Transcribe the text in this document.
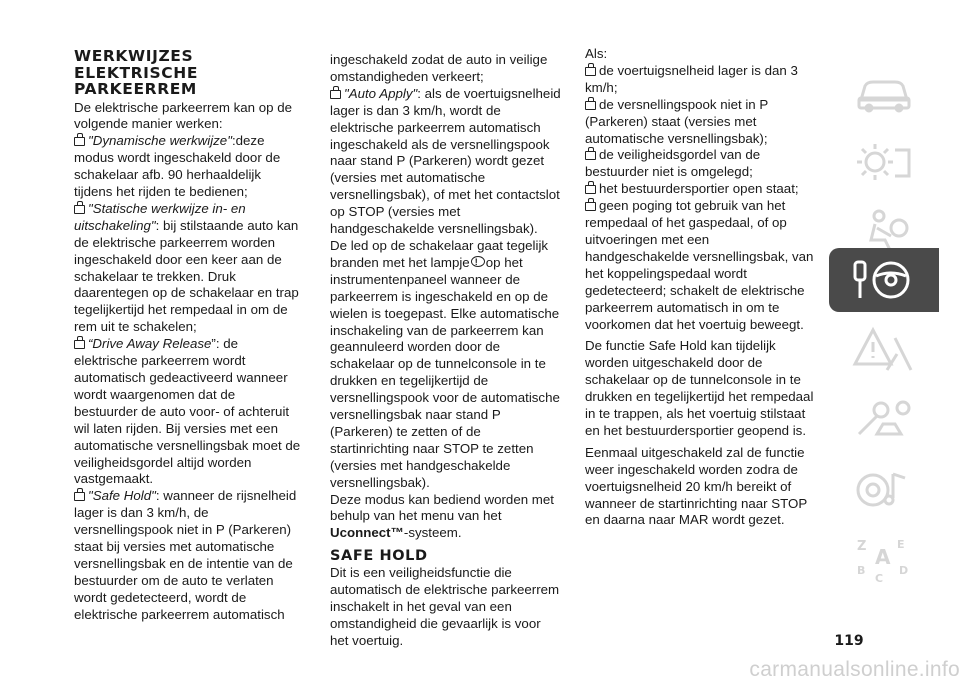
WERKWIJZES ELEKTRISCHE PARKEERREM

De elektrische parkeerrem kan op de volgende manier werken:

"Dynamische werkwijze":deze modus wordt ingeschakeld door de schakelaar afb. 90 herhaaldelijk tijdens het rijden te bedienen;

"Statische werkwijze in- en uitschakeling": bij stilstaande auto kan de elektrische parkeerrem worden ingeschakeld door een keer aan de schakelaar te trekken. Druk daarentegen op de schakelaar en trap tegelijkertijd het rempedaal in om de rem uit te schakelen;

“Drive Away Release”: de elektrische parkeerrem wordt automatisch gedeactiveerd wanneer wordt waargenomen dat de bestuurder de auto voor- of achteruit wil laten rijden. Bij versies met een automatische versnellingsbak moet de veiligheidsgordel altijd worden vastgemaakt.

"Safe Hold": wanneer de rijsnelheid lager is dan 3 km/h, de versnellingspook niet in P (Parkeren) staat bij versies met automatische versnellingsbak en de intentie van de bestuurder om de auto te verlaten wordt gedetecteerd, wordt de elektrische parkeerrem automatisch

ingeschakeld zodat de auto in veilige omstandigheden verkeert;

"Auto Apply": als de voertuigsnelheid lager is dan 3 km/h, wordt de elektrische parkeerrem automatisch ingeschakeld als de versnellingspook naar stand P (Parkeren) wordt gezet (versies met automatische versnellingsbak), of met het contactslot op STOP (versies met handgeschakelde versnellingsbak).

De led op de schakelaar gaat tegelijk branden met het lampje! op het instrumentenpaneel wanneer de parkeerrem is ingeschakeld en op de wielen is toegepast. Elke automatische inschakeling van de parkeerrem kan geannuleerd worden door de schakelaar op de tunnelconsole in te drukken en tegelijkertijd de versnellingspook voor de automatische versnellingsbak naar stand P (Parkeren) te zetten of de startinrichting naar STOP te zetten (versies met handgeschakelde versnellingsbak).

Deze modus kan bediend worden met behulp van het menu van het Uconnect™-systeem.

SAFE HOLD

Dit is een veiligheidsfunctie die automatisch de elektrische parkeerrem inschakelt in het geval van een omstandigheid die gevaarlijk is voor het voertuig.

Als:

de voertuigsnelheid lager is dan 3 km/h;

de versnellingspook niet in P (Parkeren) staat (versies met automatische versnellingsbak);

de veiligheidsgordel van de bestuurder niet is omgelegd;

het bestuurdersportier open staat;

geen poging tot gebruik van het rempedaal of het gaspedaal, of op uitvoeringen met een handgeschakelde versnellingsbak, van het koppelingspedaal wordt gedetecteerd; schakelt de elektrische parkeerrem automatisch in om te voorkomen dat het voertuig beweegt.

De functie Safe Hold kan tijdelijk worden uitgeschakeld door de schakelaar op de tunnelconsole in te drukken en tegelijkertijd het rempedaal in te trappen, als het voertuig stilstaat en het bestuurdersportier geopend is.

Eenmaal uitgeschakeld zal de functie weer ingeschakeld worden zodra de voertuigsnelheid 20 km/h bereikt of wanneer de startinrichting naar STOP en daarna naar MAR wordt gezet.

Z	E
A
B
C
D
119
carmanualsonline.info
